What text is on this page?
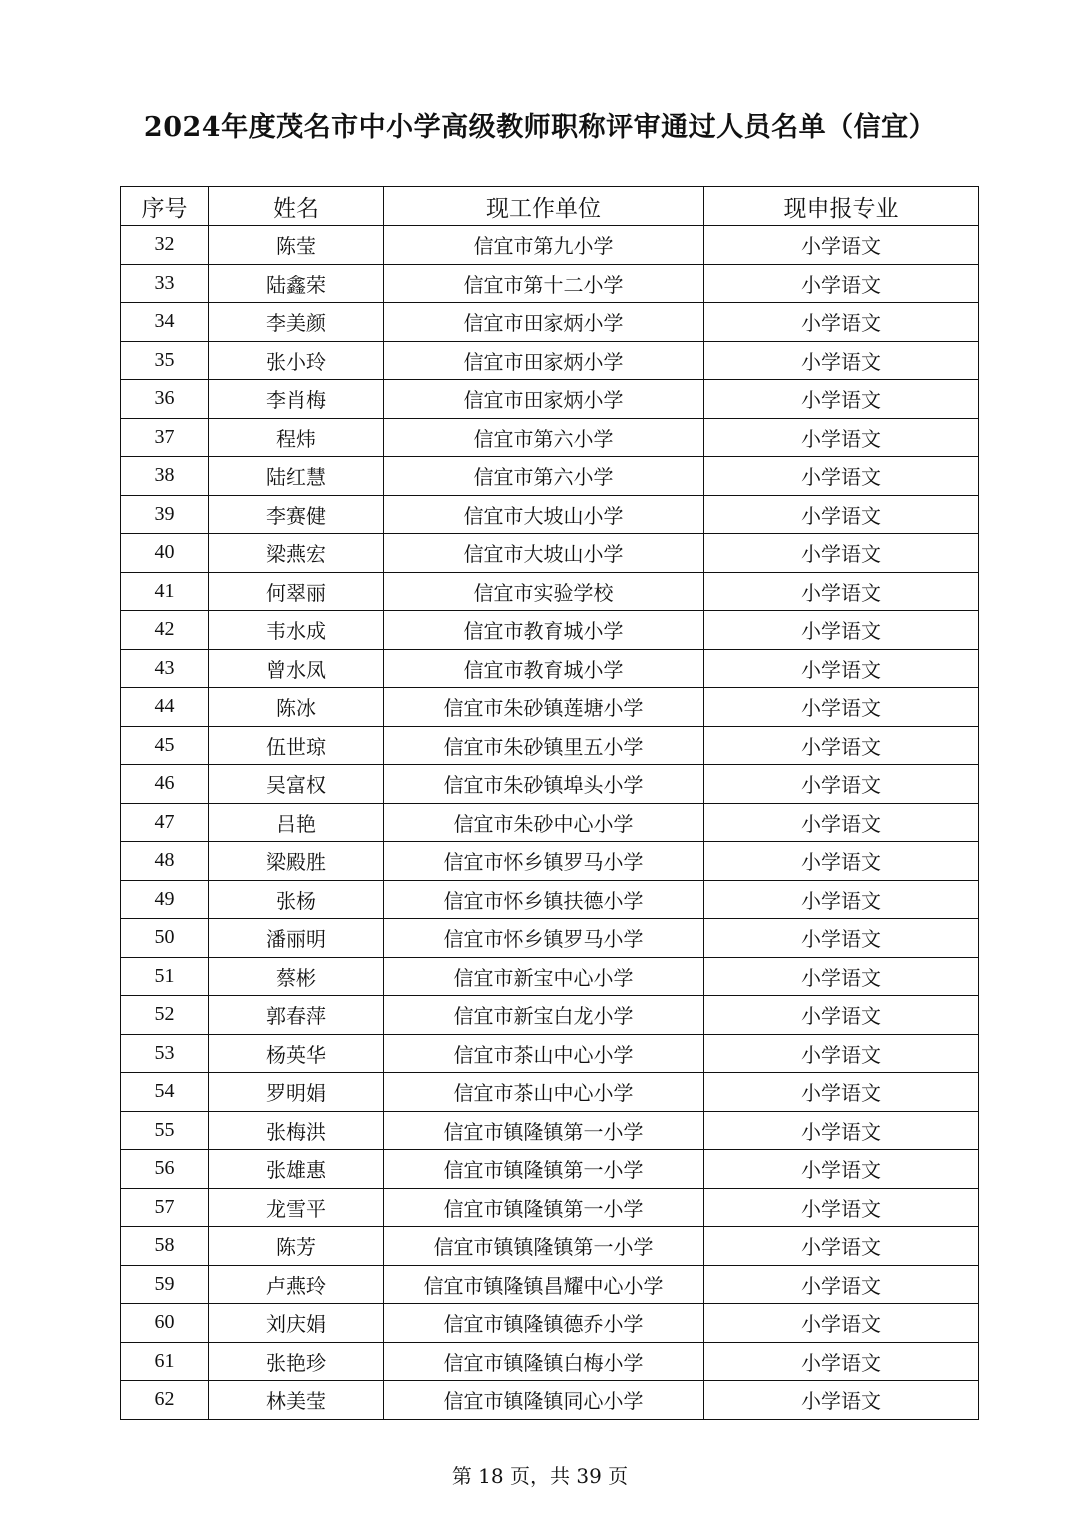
2024年度茂名市中小学高级教师职称评审通过人员名单（信宜）
序号	姓名	现工作单位	现申报专业
32	陈莹	信宜市第九小学	小学语文
33	陆鑫荣	信宜市第十二小学	小学语文
34	李美颜	信宜市田家炳小学	小学语文
35	张小玲	信宜市田家炳小学	小学语文
36	李肖梅	信宜市田家炳小学	小学语文
37	程炜	信宜市第六小学	小学语文
38	陆红慧	信宜市第六小学	小学语文
39	李赛健	信宜市大坡山小学	小学语文
40	梁燕宏	信宜市大坡山小学	小学语文
41	何翠丽	信宜市实验学校	小学语文
42	韦水成	信宜市教育城小学	小学语文
43	曾水凤	信宜市教育城小学	小学语文
44	陈冰	信宜市朱砂镇莲塘小学	小学语文
45	伍世琼	信宜市朱砂镇里五小学	小学语文
46	吴富权	信宜市朱砂镇埠头小学	小学语文
47	吕艳	信宜市朱砂中心小学	小学语文
48	梁殿胜	信宜市怀乡镇罗马小学	小学语文
49	张杨	信宜市怀乡镇扶德小学	小学语文
50	潘丽明	信宜市怀乡镇罗马小学	小学语文
51	蔡彬	信宜市新宝中心小学	小学语文
52	郭春萍	信宜市新宝白龙小学	小学语文
53	杨英华	信宜市茶山中心小学	小学语文
54	罗明娟	信宜市茶山中心小学	小学语文
55	张梅洪	信宜市镇隆镇第一小学	小学语文
56	张雄惠	信宜市镇隆镇第一小学	小学语文
57	龙雪平	信宜市镇隆镇第一小学	小学语文
58	陈芳	信宜市镇镇隆镇第一小学	小学语文
59	卢燕玲	信宜市镇隆镇昌耀中心小学	小学语文
60	刘庆娟	信宜市镇隆镇德乔小学	小学语文
61	张艳珍	信宜市镇隆镇白梅小学	小学语文
62	林美莹	信宜市镇隆镇同心小学	小学语文
第 18 页，共 39 页
